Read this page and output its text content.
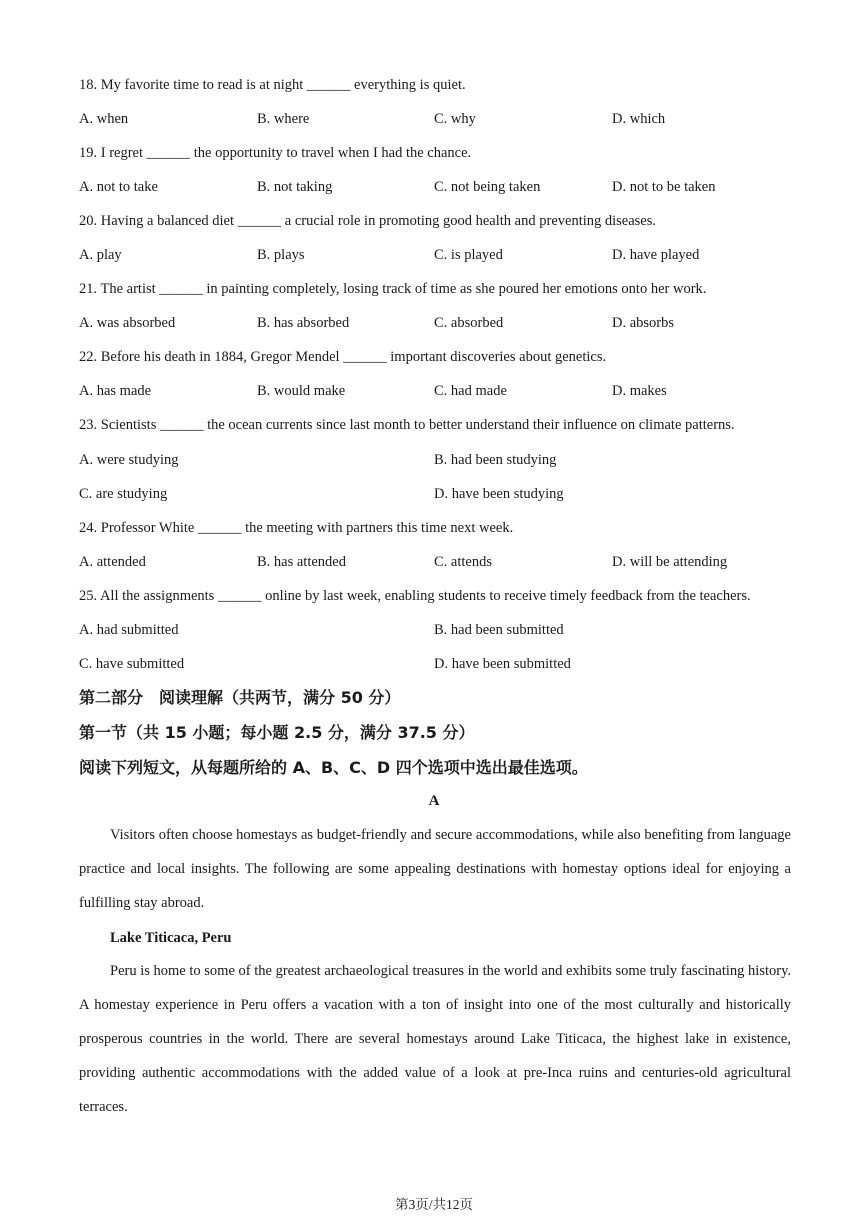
18. My favorite time to read is at night ______ everything is quiet.
A. when	B. where	C. why	D. which
19. I regret ______ the opportunity to travel when I had the chance.
A. not to take	B. not taking	C. not being taken	D. not to be taken
20. Having a balanced diet ______ a crucial role in promoting good health and preventing diseases.
A. play	B. plays	C. is played	D. have played
21. The artist ______ in painting completely, losing track of time as she poured her emotions onto her work.
A. was absorbed	B. has absorbed	C. absorbed	D. absorbs
22. Before his death in 1884, Gregor Mendel ______ important discoveries about genetics.
A. has made	B. would make	C. had made	D. makes
23. Scientists ______ the ocean currents since last month to better understand their influence on climate patterns.
A. were studying	B. had been studying
C. are studying	D. have been studying
24. Professor White ______ the meeting with partners this time next week.
A. attended	B. has attended	C. attends	D. will be attending
25. All the assignments ______ online by last week, enabling students to receive timely feedback from the teachers.
A. had submitted	B. had been submitted
C. have submitted	D. have been submitted
第二部分　阅读理解（共两节，满分 50 分）
第一节（共 15 小题；每小题 2.5 分，满分 37.5 分）
阅读下列短文，从每题所给的 A、B、C、D 四个选项中选出最佳选项。
A
Visitors often choose homestays as budget-friendly and secure accommodations, while also benefiting from language practice and local insights. The following are some appealing destinations with homestay options ideal for enjoying a fulfilling stay abroad.
Lake Titicaca, Peru
Peru is home to some of the greatest archaeological treasures in the world and exhibits some truly fascinating history. A homestay experience in Peru offers a vacation with a ton of insight into one of the most culturally and historically prosperous countries in the world. There are several homestays around Lake Titicaca, the highest lake in existence, providing authentic accommodations with the added value of a look at pre-Inca ruins and centuries-old agricultural terraces.
第3页/共12页
